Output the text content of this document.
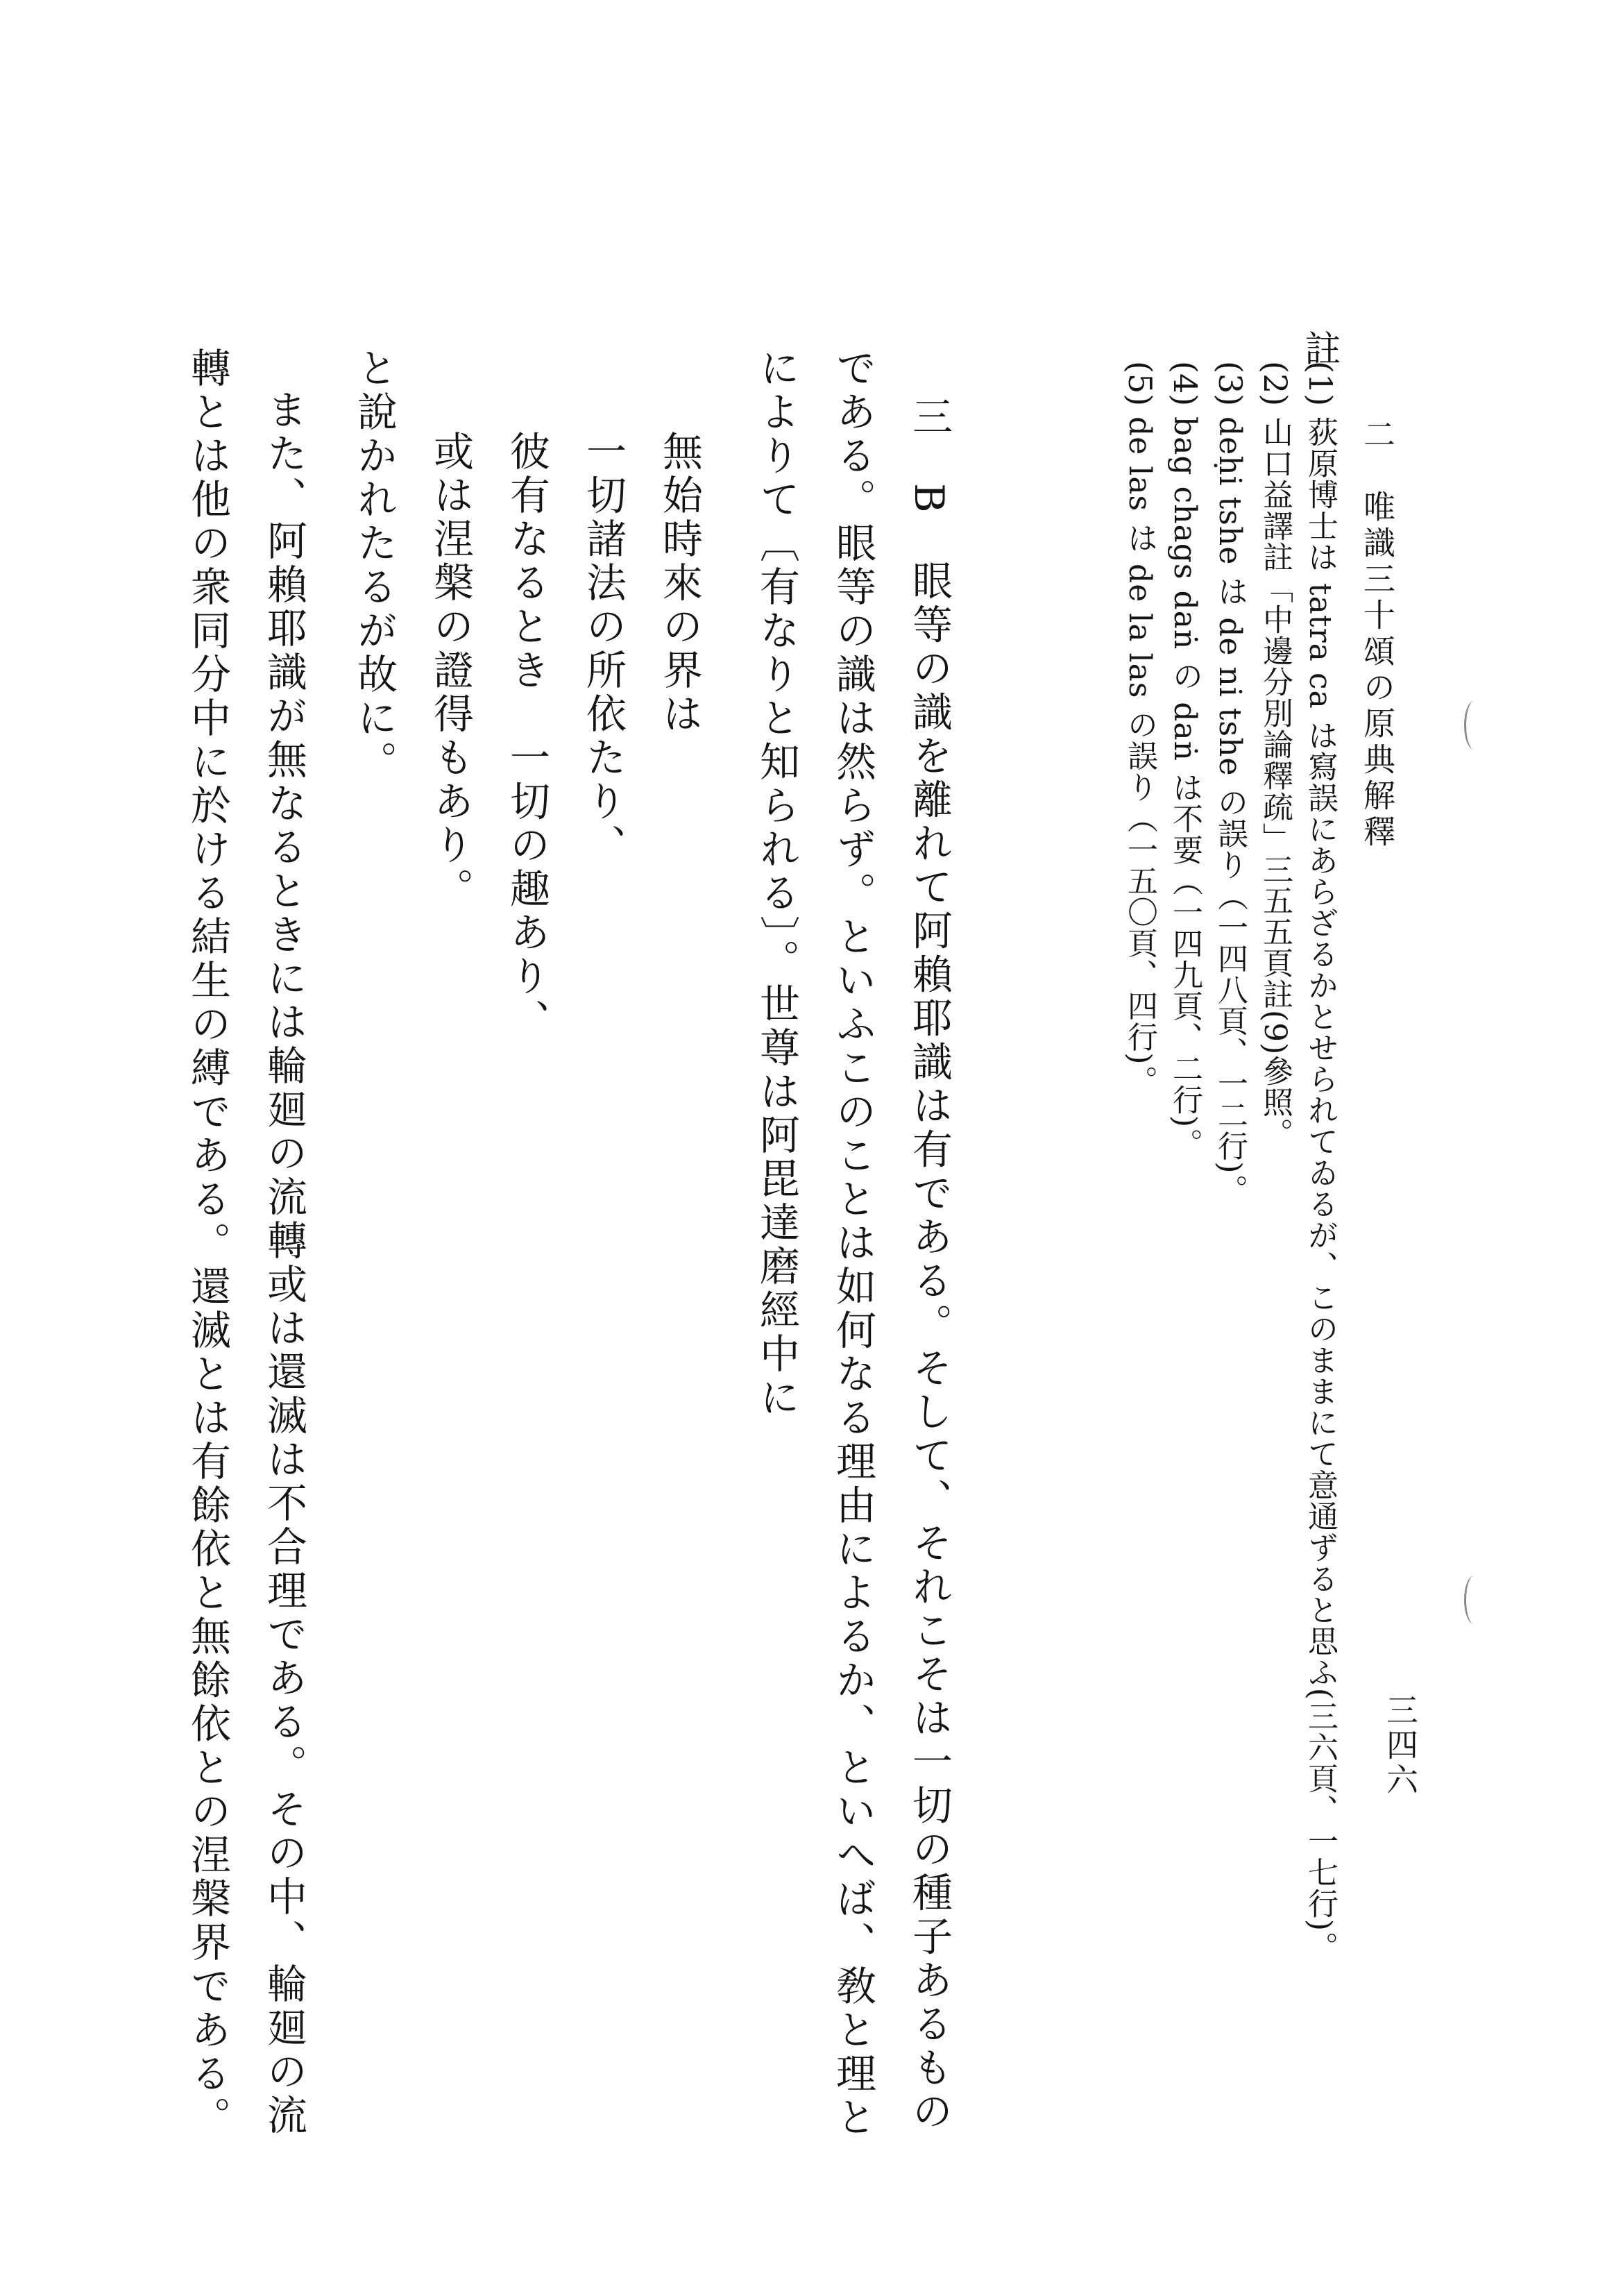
二　唯識三十頌の原典解釋
三四六
註
(1)
荻原博士は tatra ca は寫誤にあらざるかとせられてゐるが、このままにて意通ずると思ふ(三六頁、一七行)。
(2)
山口益譯註「中邊分別論釋疏」三五五頁註(9)參照。
(3)
deḥi tshe は de ni tshe の誤り（一四八頁、一二行)。
(4)
bag chags daṅ の daṅ は不要（一四九頁、二行)。
(5)
de las は de la las の誤り（一五〇頁、四行)。
三　B　眼等の識を離れて阿賴耶識は有である。そして、それこそは一切の種子あるもの
である。眼等の識は然らず。といふこのことは如何なる理由によるか、といへば、敎と理と
によりて〔有なりと知られる〕。世尊は阿毘達磨經中に
無始時來の界は
一切諸法の所依たり、
彼有なるとき　一切の趣あり、
或は涅槃の證得もあり。
と說かれたるが故に。
また、阿賴耶識が無なるときには輪廻の流轉或は還滅は不合理である。その中、輪廻の流
轉とは他の衆同分中に於ける結生の縛である。還滅とは有餘依と無餘依との涅槃界である。
